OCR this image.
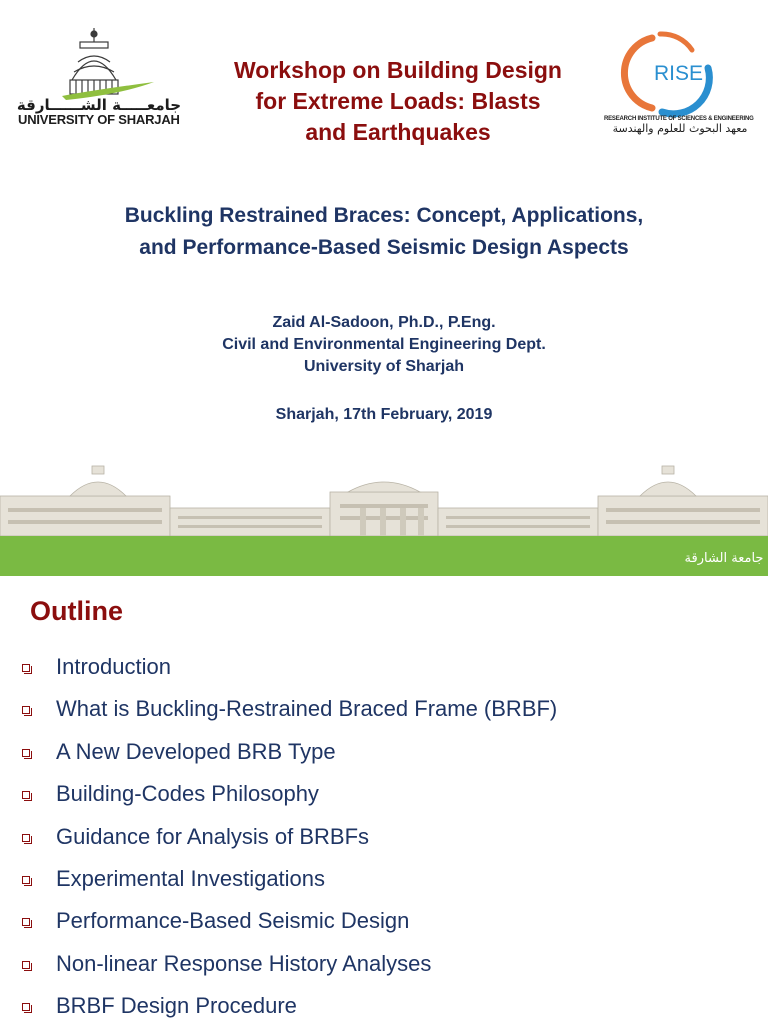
جامعـــــة الشــــــارقة
UNIVERSITY OF SHARJAH
Workshop on Building Design
for Extreme Loads: Blasts
and Earthquakes
RISE
معهد البحوث للعلوم والهندسة
RESEARCH INSTITUTE OF SCIENCES & ENGINEERING
Buckling Restrained Braces: Concept, Applications,
and Performance-Based Seismic Design Aspects
Zaid Al-Sadoon, Ph.D., P.Eng.
Civil and Environmental Engineering Dept.
University of Sharjah
Sharjah, 17th February, 2019
جامعة الشارقة
Outline
Introduction
What is Buckling-Restrained Braced Frame (BRBF)
A New Developed BRB Type
Building-Codes Philosophy
Guidance for Analysis of BRBFs
Experimental Investigations
Performance-Based Seismic Design
Non-linear Response History Analyses
BRBF Design Procedure
